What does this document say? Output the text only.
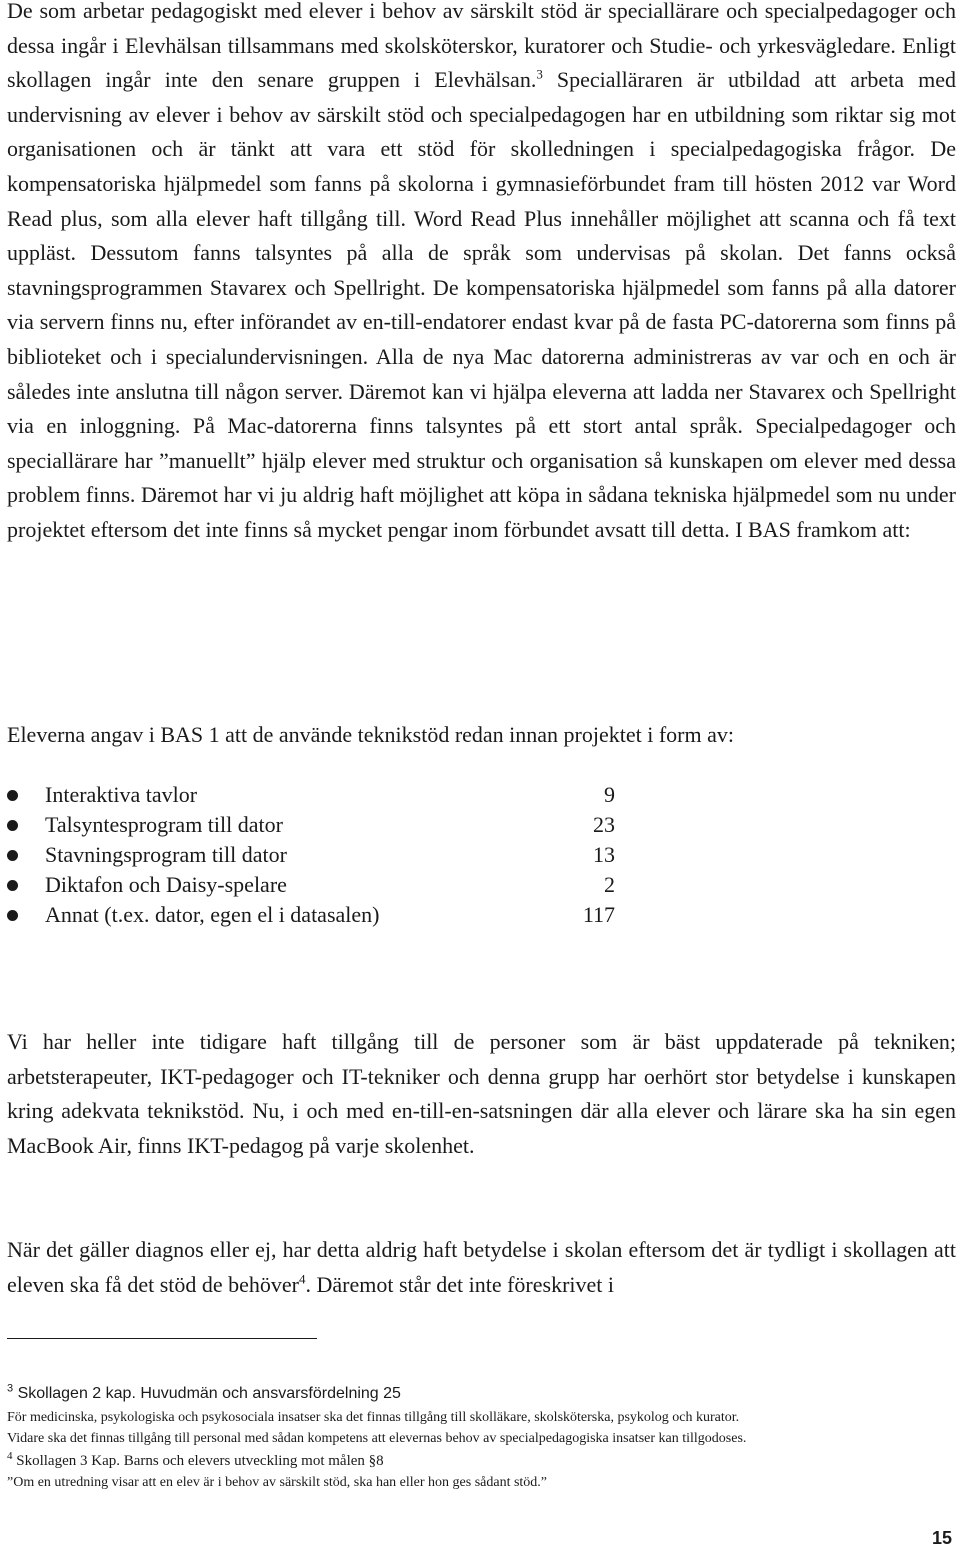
De som arbetar pedagogiskt med elever i behov av särskilt stöd är speciallärare och specialpedagoger och dessa ingår i Elevhälsan tillsammans med skolsköterskor, kuratorer och Studie- och yrkesvägledare. Enligt skollagen ingår inte den senare gruppen i Elevhälsan.$^3$ Specialläraren är utbildad att arbeta med undervisning av elever i behov av särskilt stöd och specialpedagogen har en utbildning som riktar sig mot organisationen och är tänkt att vara ett stöd för skolledningen i specialpedagogiska frågor. De kompensatoriska hjälpmedel som fanns på skolorna i gymnasieförbundet fram till hösten 2012 var Word Read plus, som alla elever haft tillgång till. Word Read Plus innehåller möjlighet att scanna och få text uppläst. Dessutom fanns talsyntes på alla de språk som undervisas på skolan. Det fanns också stavningsprogrammen Stavarex och Spellright. De kompensatoriska hjälpmedel som fanns på alla datorer via servern finns nu, efter införandet av en-till-endatorer endast kvar på de fasta PC-datorerna som finns på biblioteket och i specialundervisningen. Alla de nya Mac datorerna administreras av var och en och är således inte anslutna till någon server. Däremot kan vi hjälpa eleverna att ladda ner Stavarex och Spellright via en inloggning. På Mac-datorerna finns talsyntes på ett stort antal språk. Specialpedagoger och speciallärare har ”manuellt” hjälp elever med struktur och organisation så kunskapen om elever med dessa problem finns. Däremot har vi ju aldrig haft möjlighet att köpa in sådana tekniska hjälpmedel som nu under projektet eftersom det inte finns så mycket pengar inom förbundet avsatt till detta. I BAS framkom att:

Eleverna angav i BAS 1 att de använde teknikstöd redan innan projektet i form av:

Interaktiva tavlor	9
Talsyntesprogram till dator	23
Stavningsprogram till dator	13
Diktafon och Daisy-spelare	2
Annat (t.ex. dator, egen el i datasalen)	117

Vi har heller inte tidigare haft tillgång till de personer som är bäst uppdaterade på tekniken; arbetsterapeuter, IKT-pedagoger och IT-tekniker och denna grupp har oerhört stor betydelse i kunskapen kring adekvata teknikstöd. Nu, i och med en-till-en-satsningen där alla elever och lärare ska ha sin egen MacBook Air, finns IKT-pedagog på varje skolenhet.

När det gäller diagnos eller ej, har detta aldrig haft betydelse i skolan eftersom det är tydligt i skollagen att eleven ska få det stöd de behöver$^4$. Däremot står det inte föreskrivet i

$^3$ Skollagen 2 kap. Huvudmän och ansvarsfördelning 25

För medicinska, psykologiska och psykosociala insatser ska det finnas tillgång till skolläkare, skolsköterska, psykolog och kurator.

Vidare ska det finnas tillgång till personal med sådan kompetens att elevernas behov av specialpedagogiska insatser kan tillgodoses.

$^4$ Skollagen 3 Kap. Barns och elevers utveckling mot målen §8

”Om en utredning visar att en elev är i behov av särskilt stöd, ska han eller hon ges sådant stöd.”

15
